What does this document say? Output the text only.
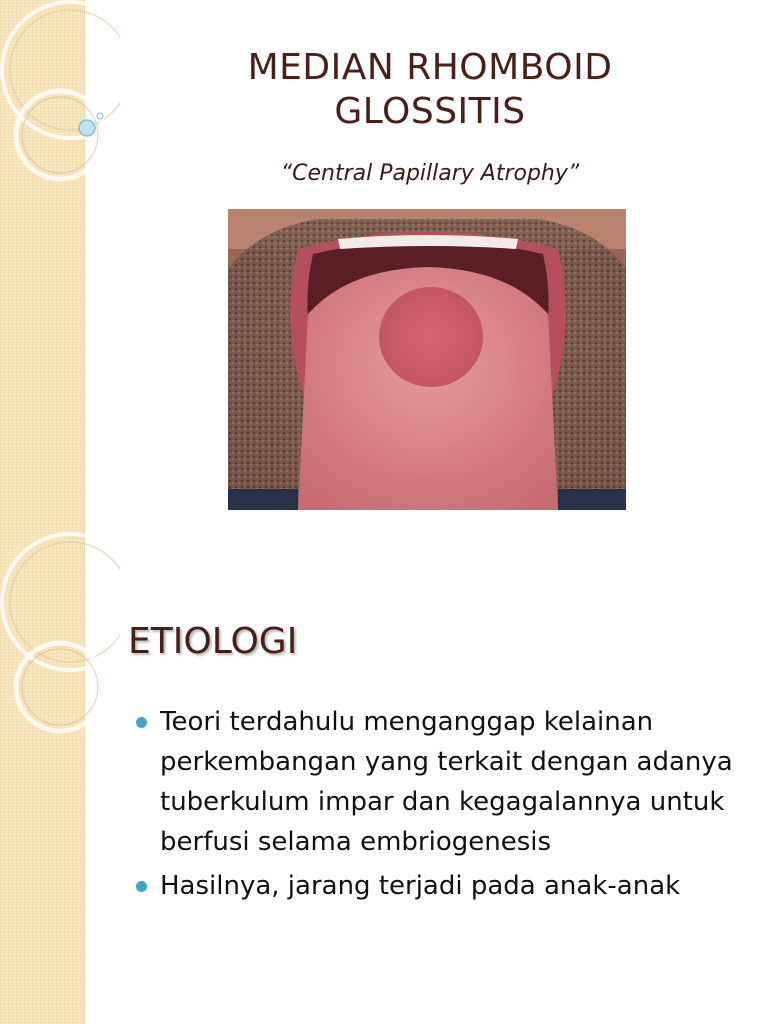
MEDIAN RHOMBOID
GLOSSITIS

“Central Papillary Atrophy”

ETIOLOGI
Teori terdahulu menganggap kelainan perkembangan yang terkait dengan adanya tuberkulum impar dan kegagalannya untuk berfusi selama embriogenesis
Hasilnya, jarang terjadi pada anak-anak
